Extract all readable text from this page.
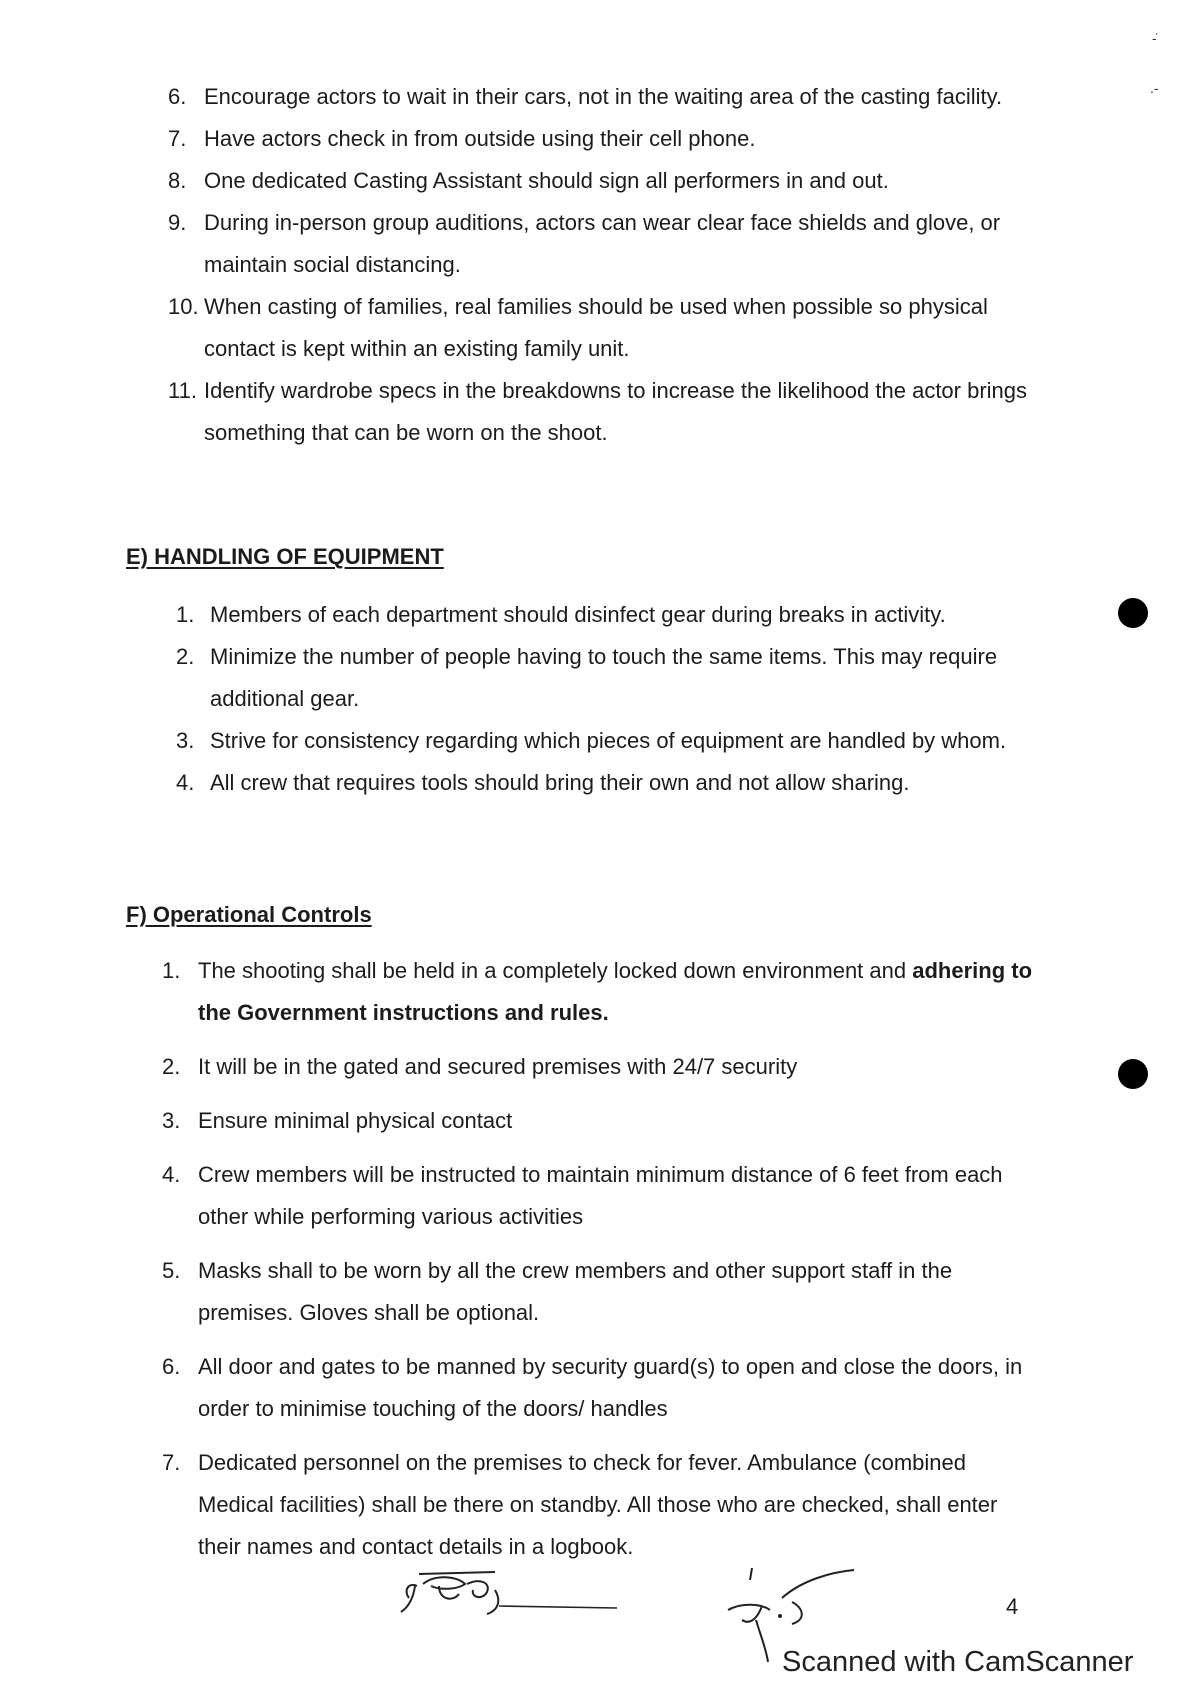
-̇
.-
6. Encourage actors to wait in their cars, not in the waiting area of the casting facility.
7. Have actors check in from outside using their cell phone.
8. One dedicated Casting Assistant should sign all performers in and out.
9. During in-person group auditions, actors can wear clear face shields and glove, or maintain social distancing.
10. When casting of families, real families should be used when possible so physical contact is kept within an existing family unit.
11. Identify wardrobe specs in the breakdowns to increase the likelihood the actor brings something that can be worn on the shoot.
E) HANDLING OF EQUIPMENT
1. Members of each department should disinfect gear during breaks in activity.
2. Minimize the number of people having to touch the same items. This may require additional gear.
3. Strive for consistency regarding which pieces of equipment are handled by whom.
4. All crew that requires tools should bring their own and not allow sharing.
F) Operational Controls
1. The shooting shall be held in a completely locked down environment and adhering to the Government instructions and rules.
2. It will be in the gated and secured premises with 24/7 security
3. Ensure minimal physical contact
4. Crew members will be instructed to maintain minimum distance of 6 feet from each other while performing various activities
5. Masks shall to be worn by all the crew members and other support staff in the premises. Gloves shall be optional.
6. All door and gates to be manned by security guard(s) to open and close the doors, in order to minimise touching of the doors/ handles
7. Dedicated personnel on the premises to check for fever. Ambulance (combined Medical facilities) shall be there on standby. All those who are checked, shall enter their names and contact details in a logbook.
4
Scanned with CamScanner
